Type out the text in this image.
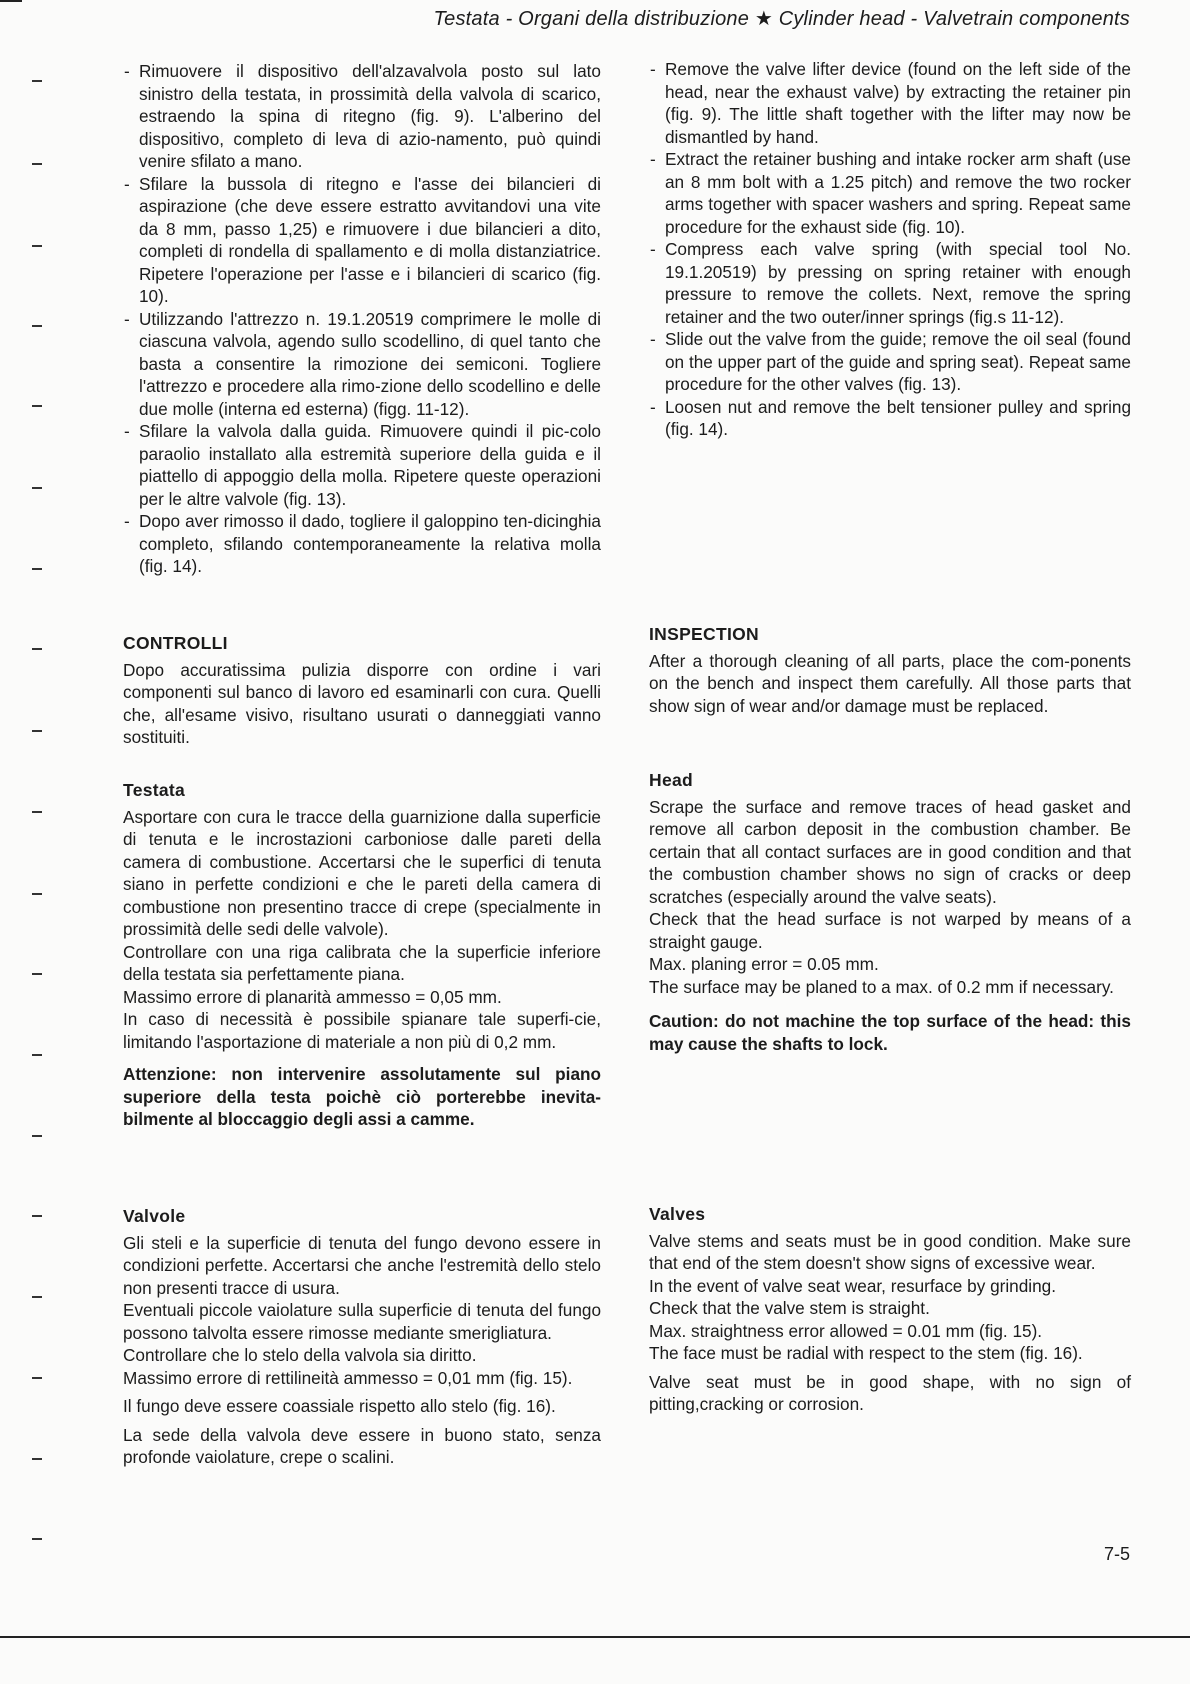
Testata - Organi della distribuzione ★ Cylinder head - Valvetrain components
- Rimuovere il dispositivo dell'alzavalvola posto sul lato sinistro della testata, in prossimità della valvola di scarico, estraendo la spina di ritegno (fig. 9). L'alberino del dispositivo, completo di leva di azio-namento, può quindi venire sfilato a mano.
- Sfilare la bussola di ritegno e l'asse dei bilancieri di aspirazione (che deve essere estratto avvitandovi una vite da 8 mm, passo 1,25) e rimuovere i due bilancieri a dito, completi di rondella di spallamento e di molla distanziatrice. Ripetere l'operazione per l'asse e i bilancieri di scarico (fig. 10).
- Utilizzando l'attrezzo n. 19.1.20519 comprimere le molle di ciascuna valvola, agendo sullo scodellino, di quel tanto che basta a consentire la rimozione dei semiconi. Togliere l'attrezzo e procedere alla rimo-zione dello scodellino e delle due molle (interna ed esterna) (figg. 11-12).
- Sfilare la valvola dalla guida. Rimuovere quindi il pic-colo paraolio installato alla estremità superiore della guida e il piattello di appoggio della molla. Ripetere queste operazioni per le altre valvole (fig. 13).
- Dopo aver rimosso il dado, togliere il galoppino ten-dicinghia completo, sfilando contemporaneamente la relativa molla (fig. 14).
CONTROLLI

Dopo accuratissima pulizia disporre con ordine i vari componenti sul banco di lavoro ed esaminarli con cura. Quelli che, all'esame visivo, risultano usurati o danneggiati vanno sostituiti.

Testata

Asportare con cura le tracce della guarnizione dalla superficie di tenuta e le incrostazioni carboniose dalle pareti della camera di combustione. Accertarsi che le superfici di tenuta siano in perfette condizioni e che le pareti della camera di combustione non presentino tracce di crepe (specialmente in prossimità delle sedi delle valvole).

Controllare con una riga calibrata che la superficie inferiore della testata sia perfettamente piana.

Massimo errore di planarità ammesso = 0,05 mm.

In caso di necessità è possibile spianare tale superfi-cie, limitando l'asportazione di materiale a non più di 0,2 mm.

Attenzione: non intervenire assolutamente sul piano superiore della testa poichè ciò porterebbe inevita-bilmente al bloccaggio degli assi a camme.

Valvole

Gli steli e la superficie di tenuta del fungo devono essere in condizioni perfette. Accertarsi che anche l'estremità dello stelo non presenti tracce di usura.

Eventuali piccole vaiolature sulla superficie di tenuta del fungo possono talvolta essere rimosse mediante smerigliatura.

Controllare che lo stelo della valvola sia diritto.

Massimo errore di rettilineità ammesso = 0,01 mm (fig. 15).

Il fungo deve essere coassiale rispetto allo stelo (fig. 16).

La sede della valvola deve essere in buono stato, senza profonde vaiolature, crepe o scalini.

- Remove the valve lifter device (found on the left side of the head, near the exhaust valve) by extracting the retainer pin (fig. 9). The little shaft together with the lifter may now be dismantled by hand.
- Extract the retainer bushing and intake rocker arm shaft (use an 8 mm bolt with a 1.25 pitch) and remove the two rocker arms together with spacer washers and spring. Repeat same procedure for the exhaust side (fig. 10).
- Compress each valve spring (with special tool No. 19.1.20519) by pressing on spring retainer with enough pressure to remove the collets. Next, remove the spring retainer and the two outer/inner springs (fig.s 11-12).
- Slide out the valve from the guide; remove the oil seal (found on the upper part of the guide and spring seat). Repeat same procedure for the other valves (fig. 13).
- Loosen nut and remove the belt tensioner pulley and spring (fig. 14).
INSPECTION

After a thorough cleaning of all parts, place the com-ponents on the bench and inspect them carefully. All those parts that show sign of wear and/or damage must be replaced.

Head

Scrape the surface and remove traces of head gasket and remove all carbon deposit in the combustion chamber. Be certain that all contact surfaces are in good condition and that the combustion chamber shows no sign of cracks or deep scratches (especially around the valve seats).

Check that the head surface is not warped by means of a straight gauge.

Max. planing error = 0.05 mm.

The surface may be planed to a max. of 0.2 mm if necessary.

Caution: do not machine the top surface of the head: this may cause the shafts to lock.

Valves

Valve stems and seats must be in good condition. Make sure that end of the stem doesn't show signs of excessive wear.

In the event of valve seat wear, resurface by grinding.

Check that the valve stem is straight.

Max. straightness error allowed = 0.01 mm (fig. 15).

The face must be radial with respect to the stem (fig. 16).

Valve seat must be in good shape, with no sign of pitting,cracking or corrosion.

7-5
